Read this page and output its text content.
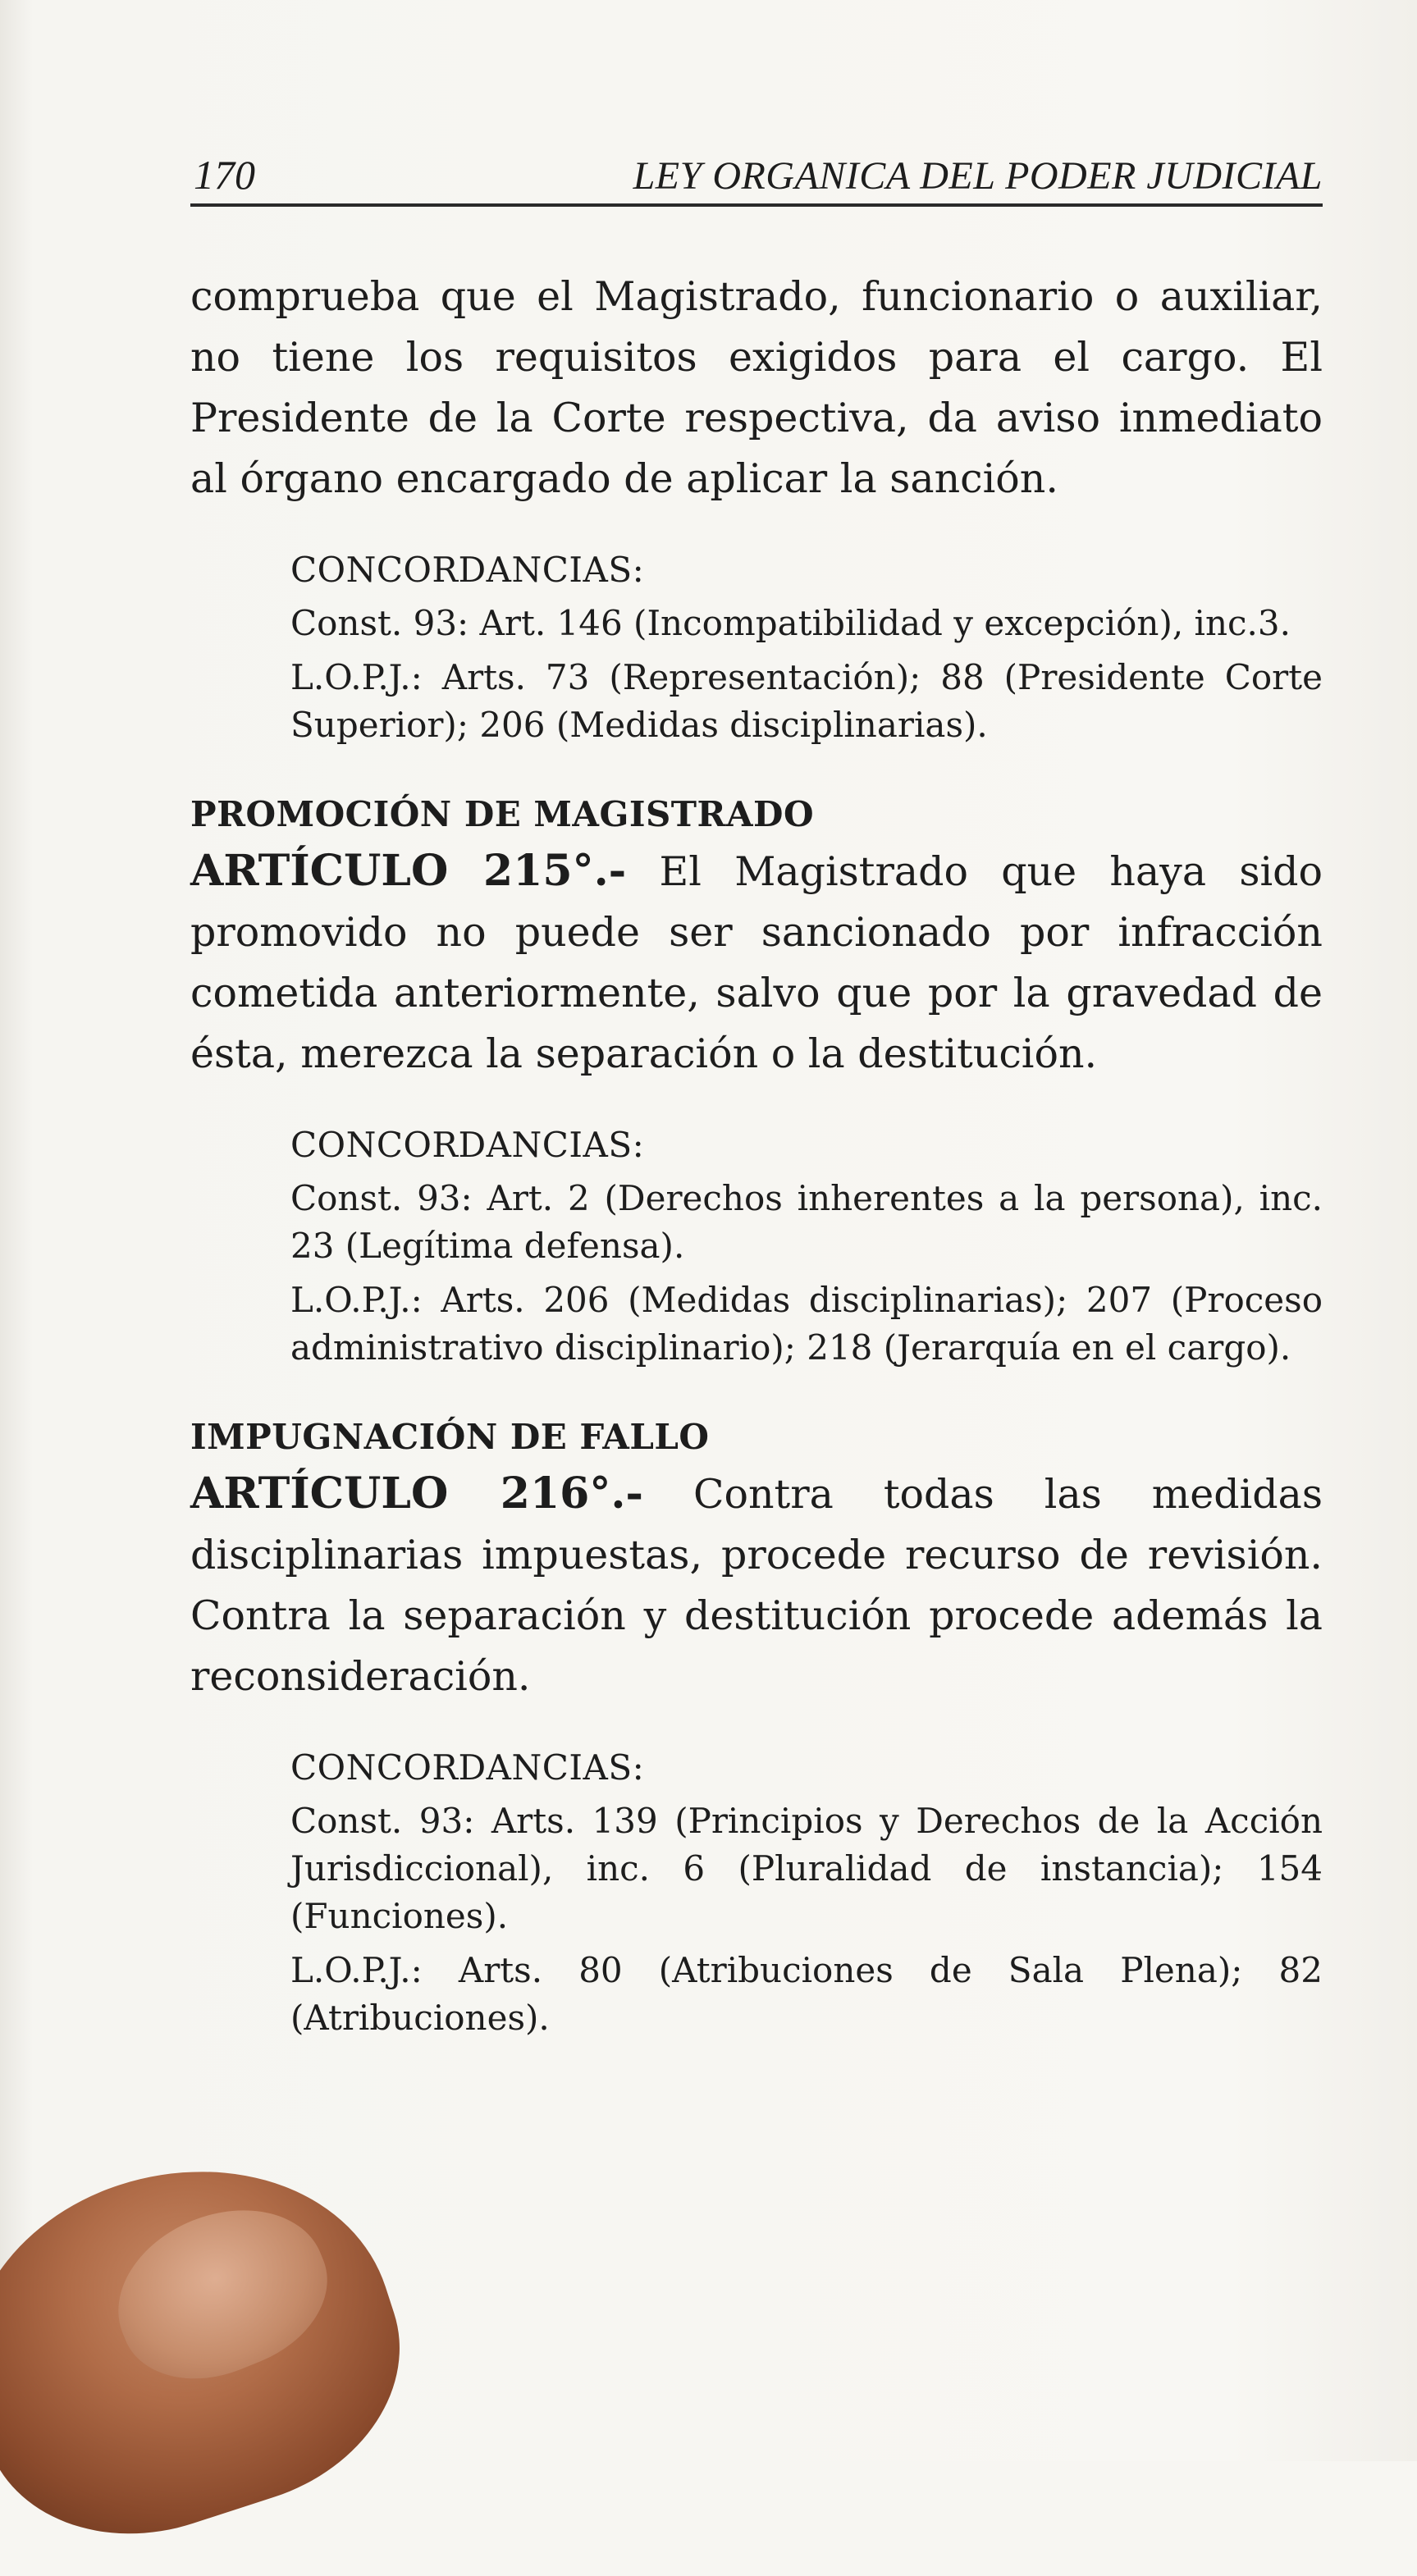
170	LEY ORGANICA DEL PODER JUDICIAL

comprueba que el Magistrado, funcionario o auxiliar, no tiene los requisitos exigidos para el cargo. El Presidente de la Corte respectiva, da aviso inmediato al órgano encargado de aplicar la sanción.

CONCORDANCIAS:

Const. 93: Art. 146 (Incompatibilidad y excepción), inc.3.

L.O.P.J.: Arts. 73 (Representación); 88 (Presidente Corte Superior); 206 (Medidas disciplinarias).

PROMOCIÓN DE MAGISTRADO

ARTÍCULO 215°.- El Magistrado que haya sido promovido no puede ser sancionado por infracción cometida anteriormente, salvo que por la gravedad de ésta, merezca la separación o la destitución.

CONCORDANCIAS:

Const. 93: Art. 2 (Derechos inherentes a la persona), inc. 23 (Legítima defensa).

L.O.P.J.: Arts. 206 (Medidas disciplinarias); 207 (Proceso administrativo disciplinario); 218 (Jerarquía en el cargo).

IMPUGNACIÓN DE FALLO

ARTÍCULO 216°.- Contra todas las medidas disciplinarias impuestas, procede recurso de revisión. Contra la separación y destitución procede además la reconsideración.

CONCORDANCIAS:

Const. 93: Arts. 139 (Principios y Derechos de la Acción Jurisdiccional), inc. 6 (Pluralidad de instancia); 154 (Funciones).

L.O.P.J.: Arts. 80 (Atribuciones de Sala Plena); 82 (Atribuciones).
